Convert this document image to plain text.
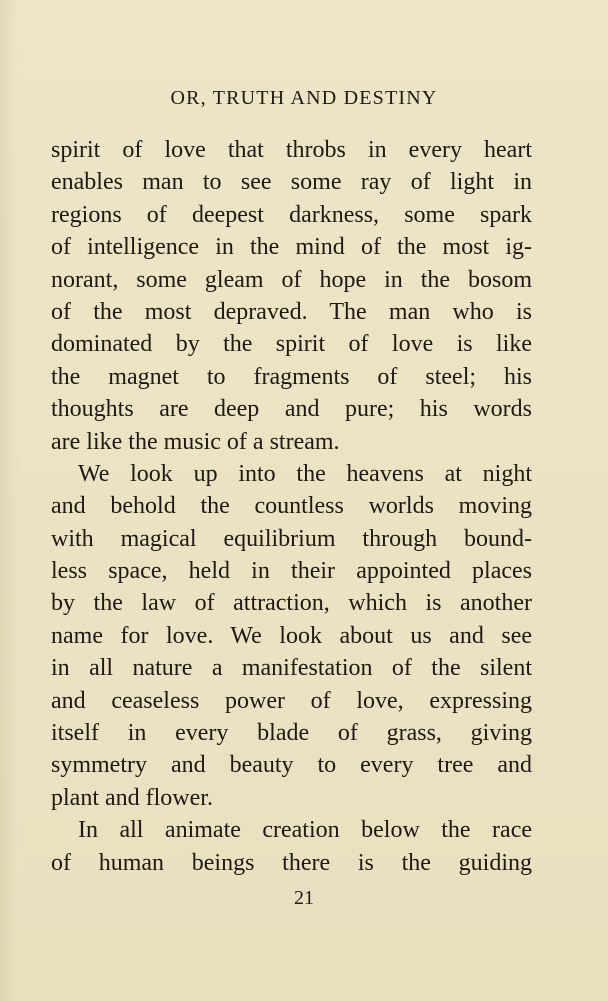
OR, TRUTH AND DESTINY
spirit of love that throbs in every heart
enables man to see some ray of light in
regions of deepest darkness, some spark
of intelligence in the mind of the most ig-
norant, some gleam of hope in the bosom
of the most depraved. The man who is
dominated by the spirit of love is like
the magnet to fragments of steel; his
thoughts are deep and pure; his words
are like the music of a stream.
We look up into the heavens at night
and behold the countless worlds moving
with magical equilibrium through bound-
less space, held in their appointed places
by the law of attraction, which is another
name for love. We look about us and see
in all nature a manifestation of the silent
and ceaseless power of love, expressing
itself in every blade of grass, giving
symmetry and beauty to every tree and
plant and flower.
In all animate creation below the race
of human beings there is the guiding
21
